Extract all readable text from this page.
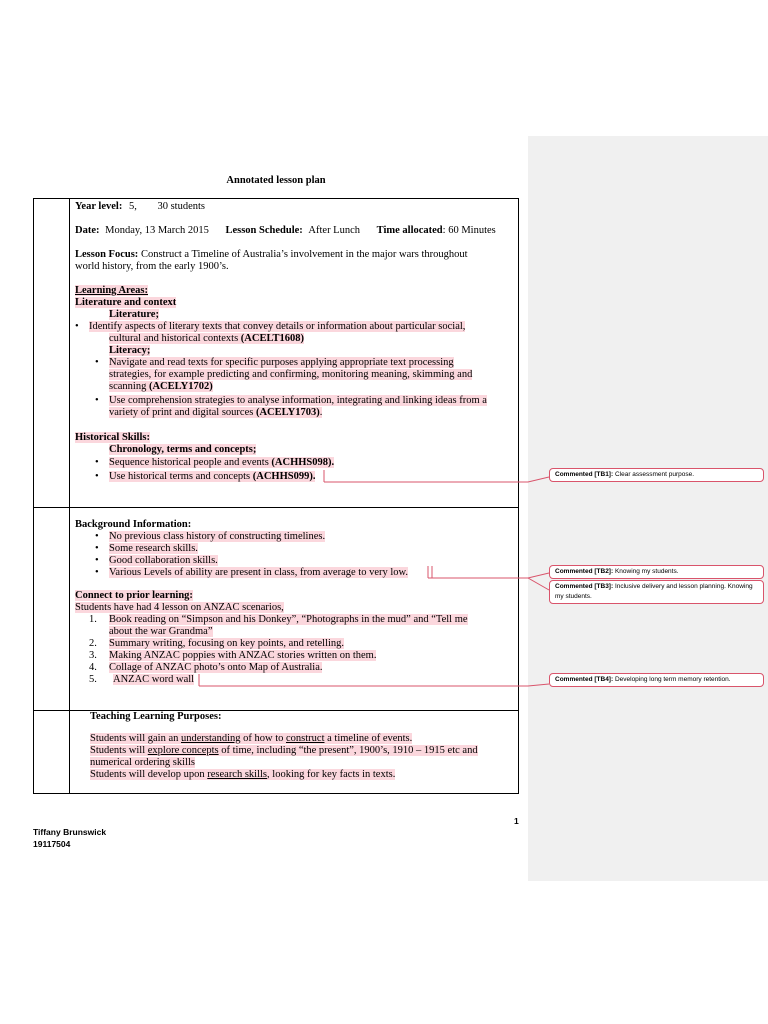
Annotated lesson plan
Year level: 5, 30 students
Date: Monday, 13 March 2015 Lesson Schedule: After Lunch Time allocated: 60 Minutes
Lesson Focus: Construct a Timeline of Australia’s involvement in the major wars throughout
world history, from the early 1900’s.
Learning Areas:
Literature and context
Literature;
• Identify aspects of literary texts that convey details or information about particular social,
cultural and historical contexts (ACELT1608)
Literacy;
• Navigate and read texts for specific purposes applying appropriate text processing
strategies, for example predicting and confirming, monitoring meaning, skimming and
scanning (ACELY1702)
• Use comprehension strategies to analyse information, integrating and linking ideas from a
variety of print and digital sources (ACELY1703).
Historical Skills:
Chronology, terms and concepts;
• Sequence historical people and events (ACHHS098).
• Use historical terms and concepts (ACHHS099).
Background Information:
• No previous class history of constructing timelines.
• Some research skills.
• Good collaboration skills.
• Various Levels of ability are present in class, from average to very low.
Connect to prior learning:
Students have had 4 lesson on ANZAC scenarios,
1. Book reading on “Simpson and his Donkey”, “Photographs in the mud” and “Tell me
about the war Grandma”
2. Summary writing, focusing on key points, and retelling.
3. Making ANZAC poppies with ANZAC stories written on them.
4. Collage of ANZAC photo’s onto Map of Australia.
5. ANZAC word wall
Teaching Learning Purposes:
Students will gain an understanding of how to construct a timeline of events.
Students will explore concepts of time, including “the present”, 1900’s, 1910 – 1915 etc and
numerical ordering skills
Students will develop upon research skills, looking for key facts in texts.
Commented [TB1]: Clear assessment purpose.
Commented [TB2]: Knowing my students.
Commented [TB3]: Inclusive delivery and lesson planning. Knowing my students.
Commented [TB4]: Developing long term memory retention.
1
Tiffany Brunswick
19117504
